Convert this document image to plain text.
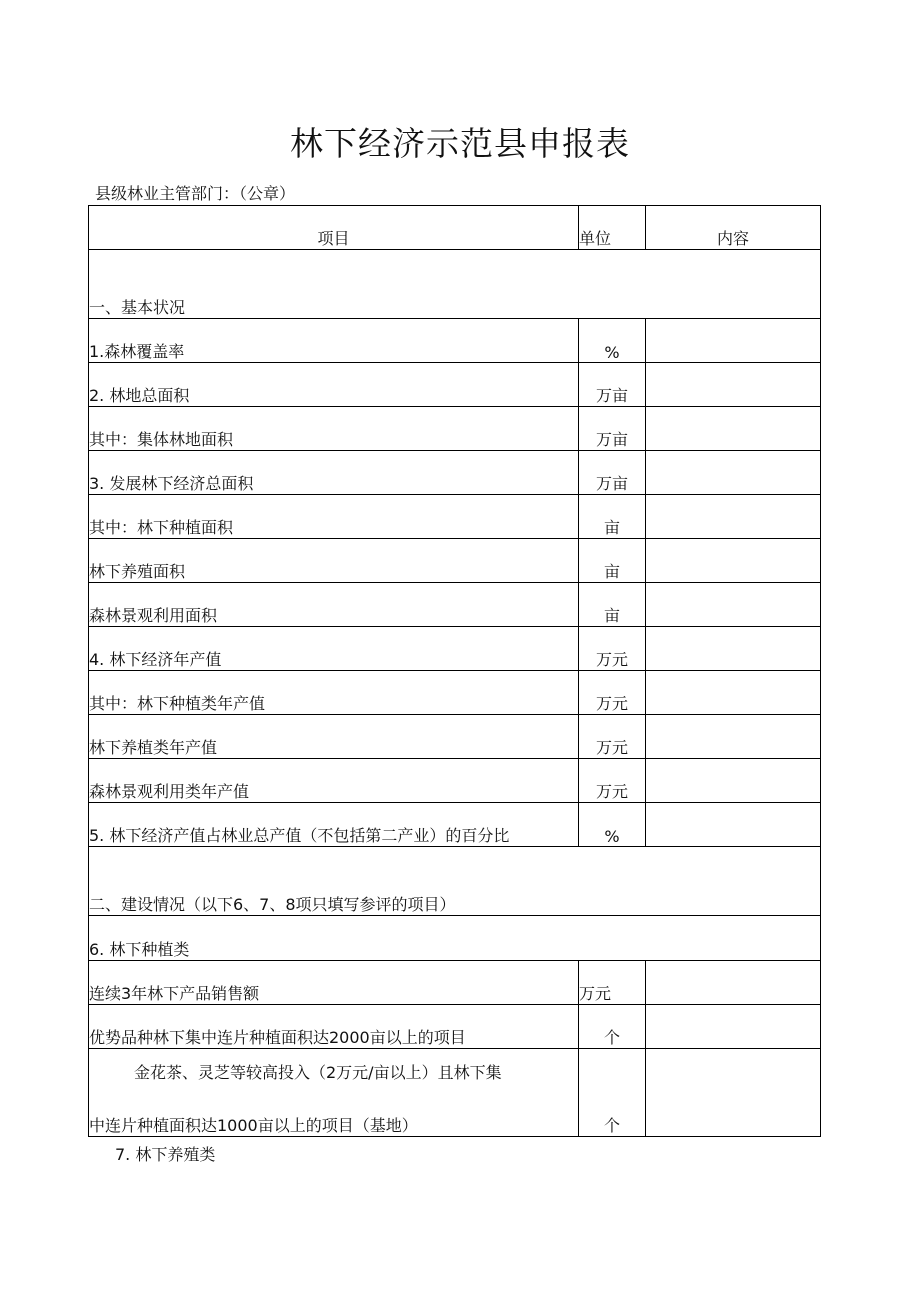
林下经济示范县申报表
县级林业主管部门：（公章）
项目	单位	内容
一、基本状况		
1.森林覆盖率	%	
2. 林地总面积	万亩	
其中：集体林地面积	万亩	
3. 发展林下经济总面积	万亩	
其中：林下种植面积	亩	
林下养殖面积	亩	
森林景观利用面积	亩	
4. 林下经济年产值	万元	
其中：林下种植类年产值	万元	
林下养植类年产值	万元	
森林景观利用类年产值	万元	
5. 林下经济产值占林业总产值（不包括第二产业）的百分比	%	
二、建设情况（以下6、7、8项只填写参评的项目）		
6. 林下种植类		
连续3年林下产品销售额	万元	
优势品种林下集中连片种植面积达2000亩以上的项目	个	

金花茶、灵芝等较高投入（2万元/亩以上）且林下集
中连片种植面积达1000亩以上的项目（基地）	个	
7. 林下养殖类
